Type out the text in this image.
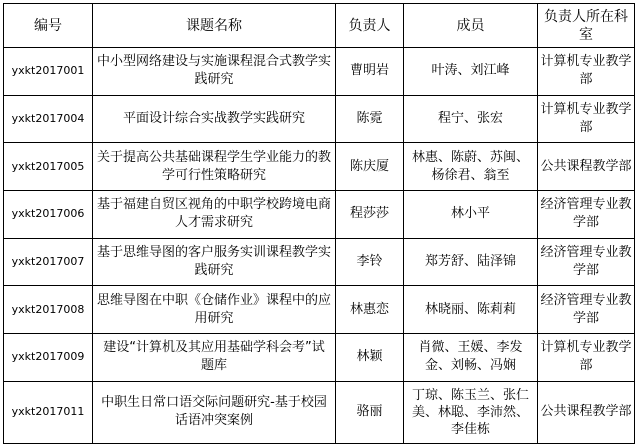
编号	课题名称	负责人	成员	负责人所在科室
yxkt2017001	中小型网络建设与实施课程混合式教学实践研究	曹明岩	叶涛、刘江峰	计算机专业教学部
yxkt2017004	平面设计综合实战教学实践研究	陈霓	程宁、张宏	计算机专业教学部
yxkt2017005	关于提高公共基础课程学生学业能力的教学可行性策略研究	陈庆厦	林惠、陈蔚、苏闽、杨徐君、翁至	公共课程教学部
yxkt2017006	基于福建自贸区视角的中职学校跨境电商人才需求研究	程莎莎	林小平	经济管理专业教学部
yxkt2017007	基于思维导图的客户服务实训课程教学实践研究	李铃	郑芳舒、陆泽锦	经济管理专业教学部
yxkt2017008	思维导图在中职《仓储作业》课程中的应用研究	林惠恋	林晓丽、陈莉莉	经济管理专业教学部
yxkt2017009	建设“计算机及其应用基础学科会考”试题库	林颖	肖微、王媛、李发金、刘畅、冯娴	计算机专业教学部
yxkt2017011	中职生日常口语交际问题研究-基于校园话语冲突案例	骆丽	丁琼、陈玉兰、张仁美、林聪、李沛然、李佳栋	公共课程教学部
